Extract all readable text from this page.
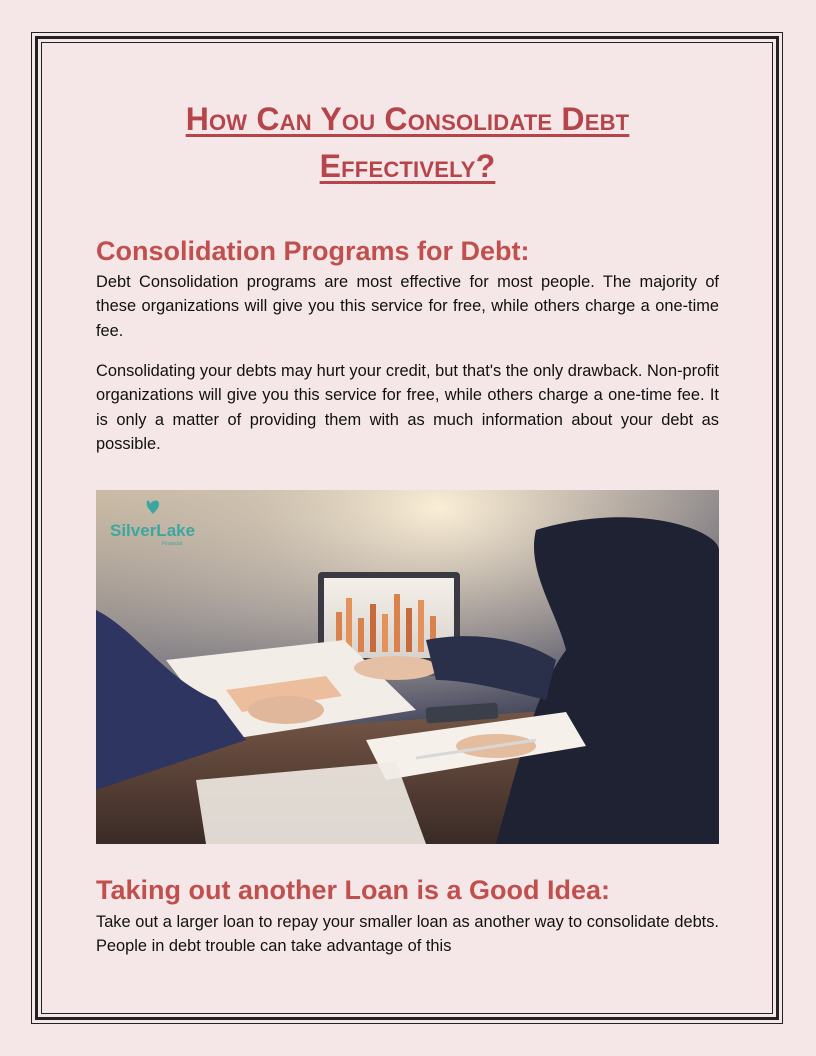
How Can You Consolidate Debt Effectively?
Consolidation Programs for Debt:

Debt Consolidation programs are most effective for most people. The majority of these organizations will give you this service for free, while others charge a one-time fee.

Consolidating your debts may hurt your credit, but that's the only drawback. Non-profit organizations will give you this service for free, while others charge a one-time fee. It is only a matter of providing them with as much information about your debt as possible.

SilverLake
Financial
Taking out another Loan is a Good Idea:

Take out a larger loan to repay your smaller loan as another way to consolidate debts. People in debt trouble can take advantage of this
